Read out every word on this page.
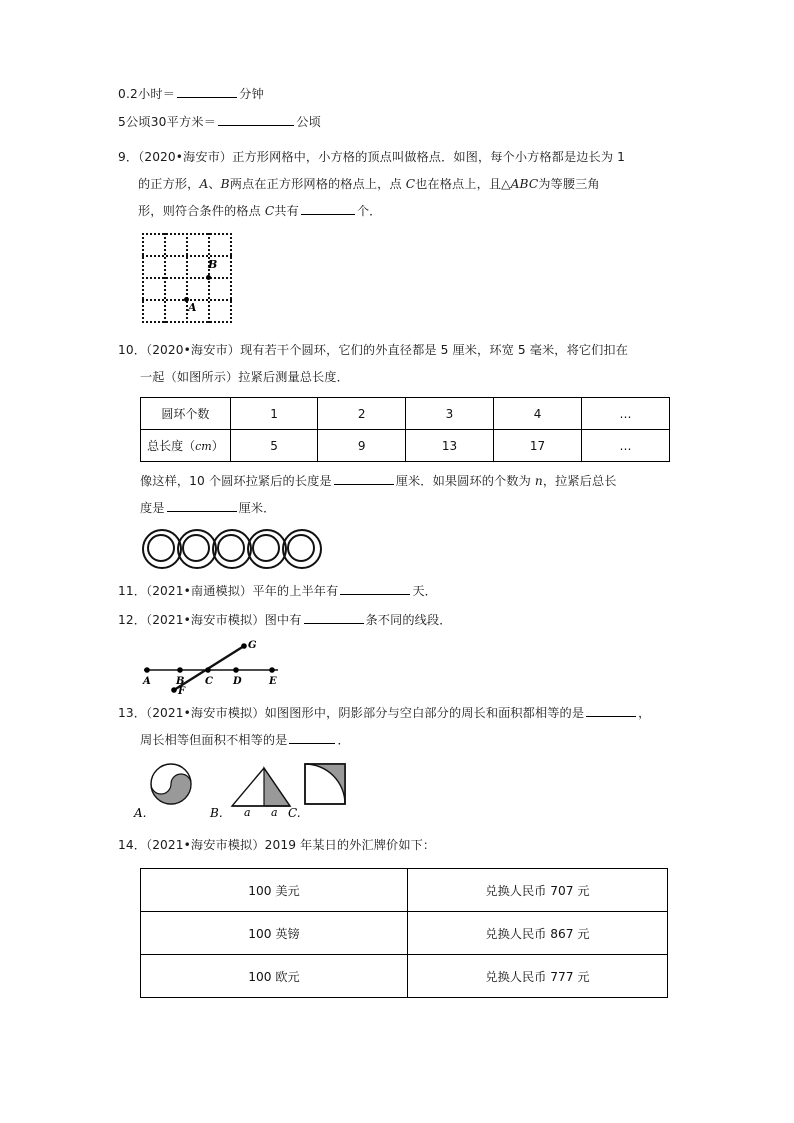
0.2小时＝	分钟
5公顷30平方米＝	公顷
9．（2020•海安市）正方形网格中，小方格的顶点叫做格点．如图，每个小方格都是边长为 1
的正方形，A、B两点在正方形网格的格点上，点 C也在格点上，且△ABC为等腰三角
形，则符合条件的格点 C共有	个．
A
B
10．（2020•海安市）现有若干个圆环，它们的外直径都是 5 厘米，环宽 5 毫米，将它们扣在
一起（如图所示）拉紧后测量总长度．
圆环个数	1	2	3	4	…
总长度（cm）	5	9	13	17	…
像这样，10 个圆环拉紧后的长度是	厘米．如果圆环的个数为 n，拉紧后总长
度是	厘米．
11．（2021•南通模拟）平年的上半年有	天．
12．（2021•海安市模拟）图中有	条不同的线段．
A	B C D	E
F
G
13．（2021•海安市模拟）如图图形中，阴影部分与空白部分的周长和面积都相等的是	，
周长相等但面积不相等的是	．
A.	B. a a C.
14．（2021•海安市模拟）2019 年某日的外汇牌价如下：
100 美元	兑换人民币 707 元
100 英镑	兑换人民币 867 元
100 欧元	兑换人民币 777 元
